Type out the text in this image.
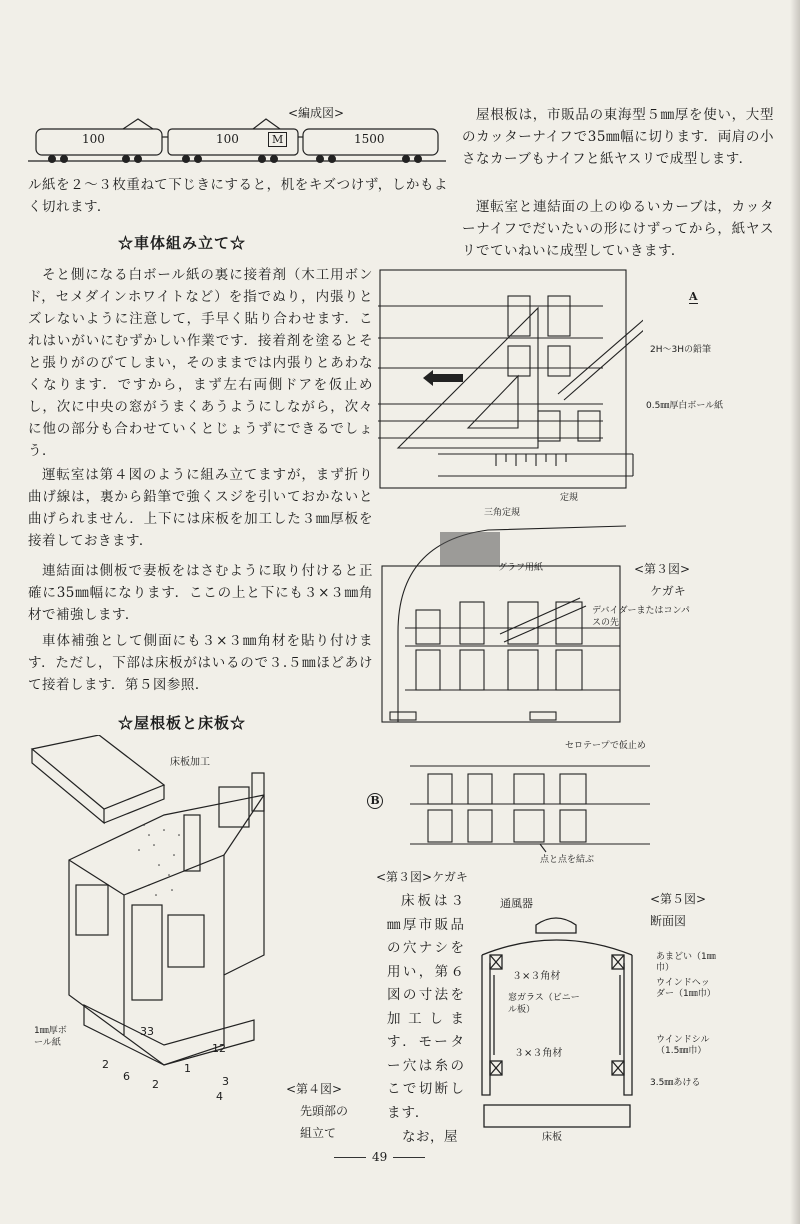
<編成図>
100	100	M	1500

ル紙を２～３枚重ねて下じきにすると，机をキズつけず，しかもよく切れます．

☆車体組み立て☆

そと側になる白ボール紙の裏に接着剤（木工用ボンド，セメダインホワイトなど）を指でぬり，内張りとズレないように注意して，手早く貼り合わせます．これはいがいにむずかしい作業です．接着剤を塗るとそと張りがのびてしまい，そのままでは内張りとあわなくなります．ですから，まず左右両側ドアを仮止めし，次に中央の窓がうまくあうようにしながら，次々に他の部分も合わせていくとじょうずにできるでしょう．

運転室は第４図のように組み立てますが，まず折り曲げ線は，裏から鉛筆で強くスジを引いておかないと曲げられません．上下には床板を加工した３㎜厚板を接着しておきます．

連結面は側板で妻板をはさむように取り付けると正確に35㎜幅になります．ここの上と下にも３×３㎜角材で補強します．

車体補強として側面にも３×３㎜角材を貼り付けます．ただし，下部は床板がはいるので３.５㎜ほどあけて接着します．第５図参照．

☆屋根板と床板☆

屋根板は，市販品の東海型５㎜厚を使い，大型のカッターナイフで35㎜幅に切ります．両肩の小さなカーブもナイフと紙ヤスリで成型します．

運転室と連結面の上のゆるいカーブは，カッターナイフでだいたいの形にけずってから，紙ヤスリでていねいに成型していきます．

A
2H～3Hの鉛筆
0.5㎜厚白ボール紙
定規
三角定規
グラフ用紙	<第３図>
ケガキ
デバイダーまたはコンパスの先
セロテープで仮止め
B
点と点を結ぶ
<第３図>ケガキ
床板加工
1㎜厚ボール紙
33
12
2
6
2	3
4
1
<第４図>
先頭部の
組立て

床板は３㎜厚市販品の穴ナシを用い，第６図の寸法を加工します．モーター穴は糸のこで切断します．

なお，屋

<第５図>
断面図
通風器
３×３角材
窓ガラス（ビニール板）
３×３角材
あまどい（1㎜巾）
ウインドヘッダー（1㎜巾）
ウインドシル（1.5㎜巾）
3.5㎜あける
床板
49
